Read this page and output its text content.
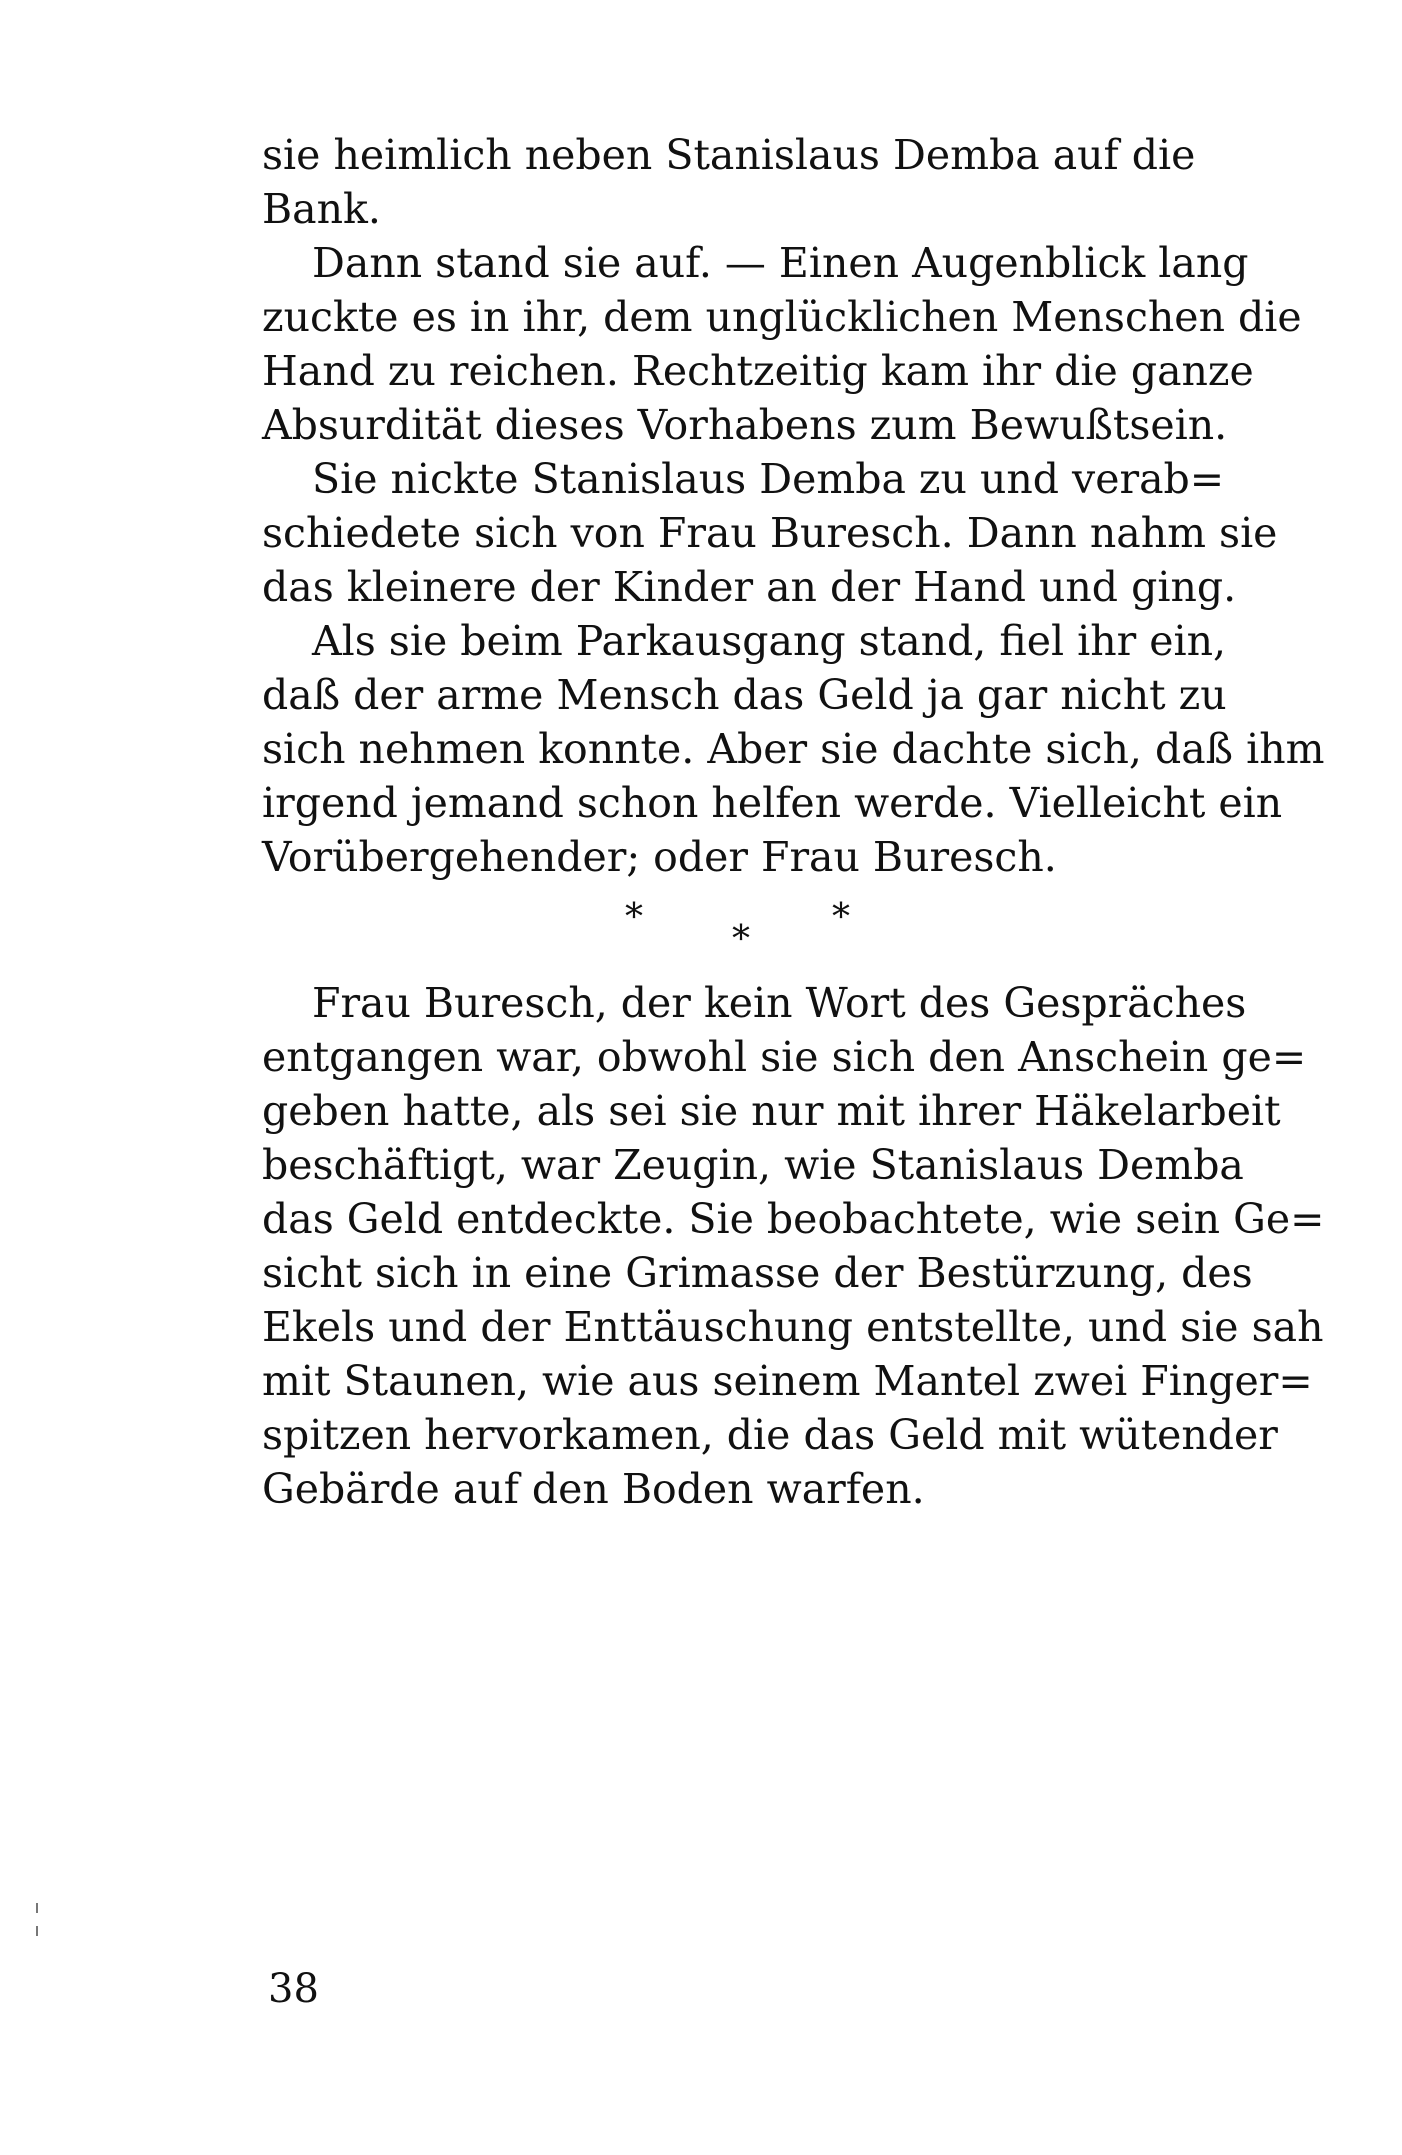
sie heimlich neben Stanislaus Demba auf die
Bank.
Dann stand sie auf. — Einen Augenblick lang
zuckte es in ihr, dem unglücklichen Menschen die
Hand zu reichen. Rechtzeitig kam ihr die ganze
Absurdität dieses Vorhabens zum Bewußtsein.
Sie nickte Stanislaus Demba zu und verab=
schiedete sich von Frau Buresch. Dann nahm sie
das kleinere der Kinder an der Hand und ging.
Als sie beim Parkausgang stand, fiel ihr ein,
daß der arme Mensch das Geld ja gar nicht zu
sich nehmen konnte. Aber sie dachte sich, daß ihm
irgend jemand schon helfen werde. Vielleicht ein
Vorübergehender; oder Frau Buresch.
*
*
*
Frau Buresch, der kein Wort des Gespräches
entgangen war, obwohl sie sich den Anschein ge=
geben hatte, als sei sie nur mit ihrer Häkelarbeit
beschäftigt, war Zeugin, wie Stanislaus Demba
das Geld entdeckte. Sie beobachtete, wie sein Ge=
sicht sich in eine Grimasse der Bestürzung, des
Ekels und der Enttäuschung entstellte, und sie sah
mit Staunen, wie aus seinem Mantel zwei Finger=
spitzen hervorkamen, die das Geld mit wütender
Gebärde auf den Boden warfen.
38
